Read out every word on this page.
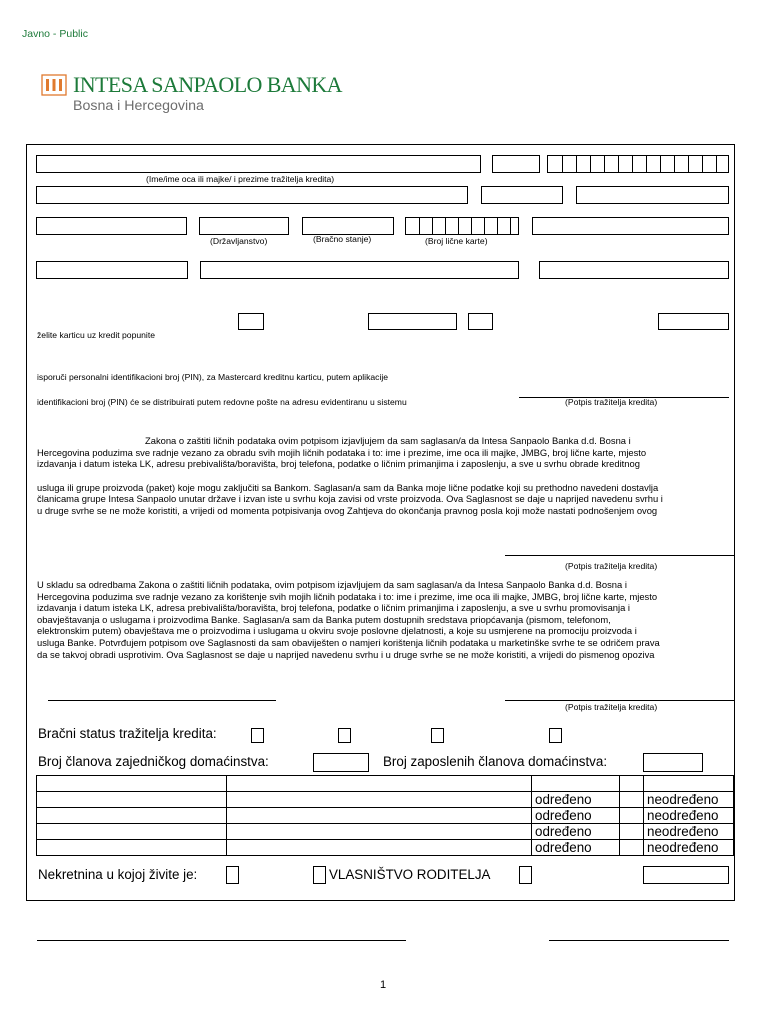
Javno - Public
INTESA SANPAOLO BANKA
Bosna i Hercegovina
(Ime/ime oca ili majke/ i prezime tražitelja kredita)
(Državljanstvo)	(Bračno stanje)	(Broj lične karte)
želite karticu uz kredit popunite
isporuči personalni identifikacioni broj (PIN), za Mastercard kreditnu karticu, putem aplikacije
identifikacioni broj (PIN) će se distribuirati putem redovne pošte na adresu evidentiranu u sistemu	(Potpis tražitelja kredita)
Zakona o zaštiti ličnih podataka ovim potpisom izjavljujem da sam saglasan/a da Intesa Sanpaolo Banka d.d. Bosna i
Hercegovina poduzima sve radnje vezano za obradu svih mojih ličnih podataka i to: ime i prezime, ime oca ili majke, JMBG, broj lične karte, mjesto
izdavanja i datum isteka LK, adresu prebivališta/boravišta, broj telefona, podatke o ličnim primanjima i zaposlenju, a sve u svrhu obrade kreditnog
usluga ili grupe proizvoda (paket) koje mogu zaključiti sa Bankom. Saglasan/a sam da Banka moje lične podatke koji su prethodno navedeni dostavlja
članicama grupe Intesa Sanpaolo unutar države i izvan iste u svrhu koja zavisi od vrste proizvoda. Ova Saglasnost se daje u naprijed navedenu svrhu i
u druge svrhe se ne može koristiti, a vrijedi od momenta potpisivanja ovog Zahtjeva do okončanja pravnog posla koji može nastati podnošenjem ovog
(Potpis tražitelja kredita)
U skladu sa odredbama Zakona o zaštiti ličnih podataka, ovim potpisom izjavljujem da sam saglasan/a da Intesa Sanpaolo Banka d.d. Bosna i
Hercegovina poduzima sve radnje vezano za korištenje svih mojih ličnih podataka i to: ime i prezime, ime oca ili majke, JMBG, broj lične karte, mjesto
izdavanja i datum isteka LK, adresa prebivališta/boravišta, broj telefona, podatke o ličnim primanjima i zaposlenju, a sve u svrhu promovisanja i
obavještavanja o uslugama i proizvodima Banke. Saglasan/a sam da Banka putem dostupnih sredstava priopćavanja (pismom, telefonom,
elektronskim putem) obavještava me o proizvodima i uslugama u okviru svoje poslovne djelatnosti, a koje su usmjerene na promociju proizvoda i
usluga Banke. Potvrđujem potpisom ove Saglasnosti da sam obaviješten o namjeri korištenja ličnih podataka u marketinške svrhe te se odričem prava
da se takvoj obradi usprotivim. Ova Saglasnost se daje u naprijed navedenu svrhu i u druge svrhe se ne može koristiti, a vrijedi do pismenog opoziva
(Potpis tražitelja kredita)
Bračni status tražitelja kredita:
Broj članova zajedničkog domaćinstva:	Broj zaposlenih članova domaćinstva:

		određeno		neodređeno
		određeno		neodređeno
		određeno		neodređeno
		određeno		neodređeno
Nekretnina u kojoj živite je:	VLASNIŠTVO RODITELJA
1
